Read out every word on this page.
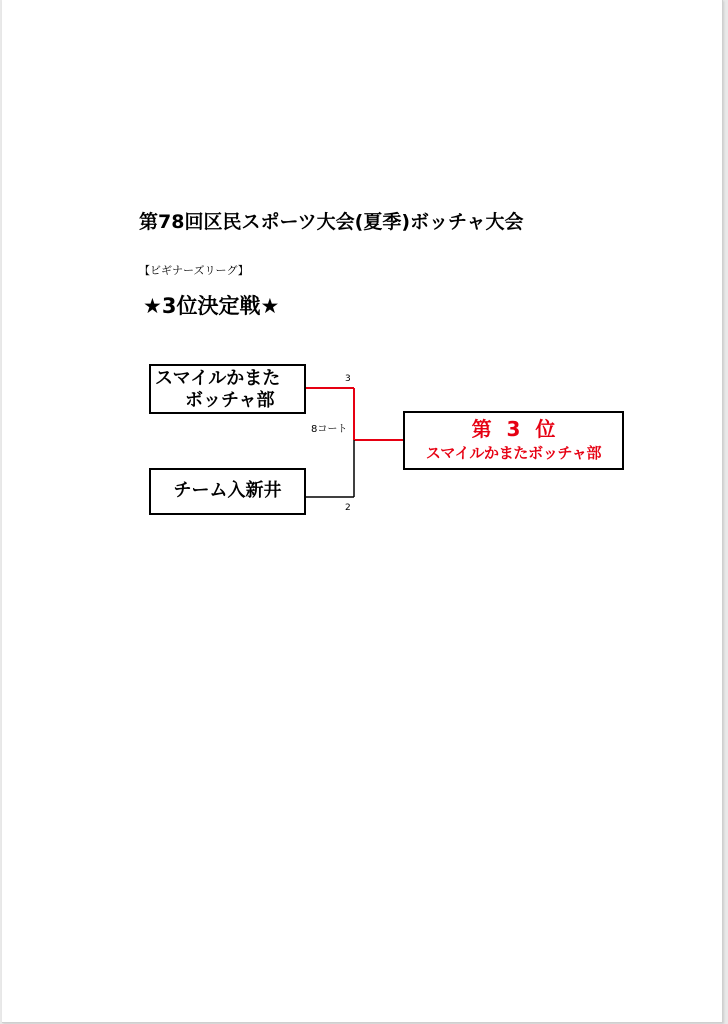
第78回区民スポーツ大会(夏季)ボッチャ大会
【ビギナーズリーグ】
★3位決定戦★
スマイルかまた
ボッチャ部
チーム入新井
3
2
8コート	第 3 位
スマイルかまたボッチャ部
